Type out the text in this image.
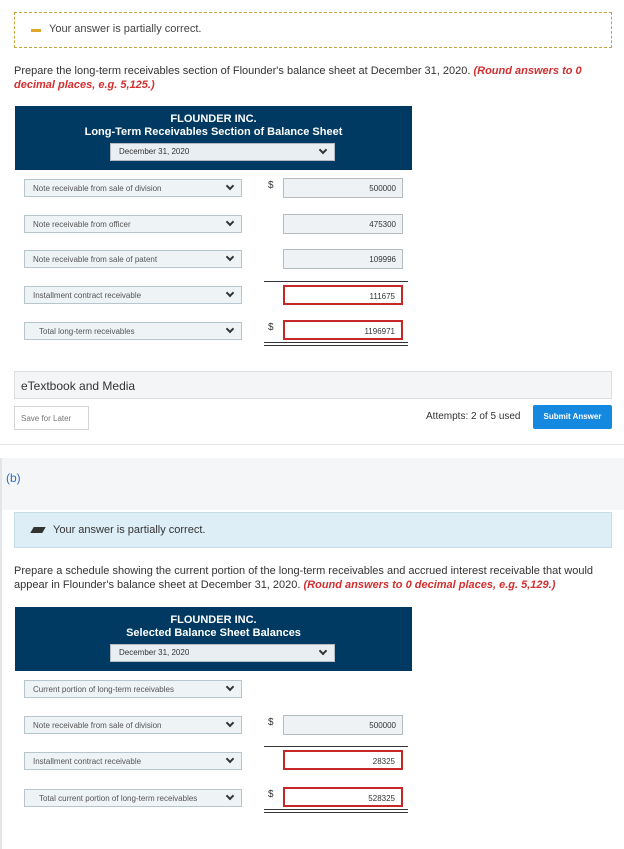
Your answer is partially correct.
Prepare the long-term receivables section of Flounder's balance sheet at December 31, 2020. (Round answers to 0 decimal places, e.g. 5,125.)
FLOUNDER INC.
Long-Term Receivables Section of Balance Sheet
December 31, 2020
Note receivable from sale of division	$	500000
Note receivable from officer	475300
Note receivable from sale of patent	109996
Installment contract receivable	111675
Total long-term receivables	$	1196971
eTextbook and Media
Save for Later	Attempts: 2 of 5 used	Submit Answer
(b)
Your answer is partially correct.
Prepare a schedule showing the current portion of the long-term receivables and accrued interest receivable that would appear in Flounder's balance sheet at December 31, 2020. (Round answers to 0 decimal places, e.g. 5,129.)
FLOUNDER INC.
Selected Balance Sheet Balances
December 31, 2020
Current portion of long-term receivables
Note receivable from sale of division	$	500000
Installment contract receivable	28325
Total current portion of long-term receivables	$	528325
